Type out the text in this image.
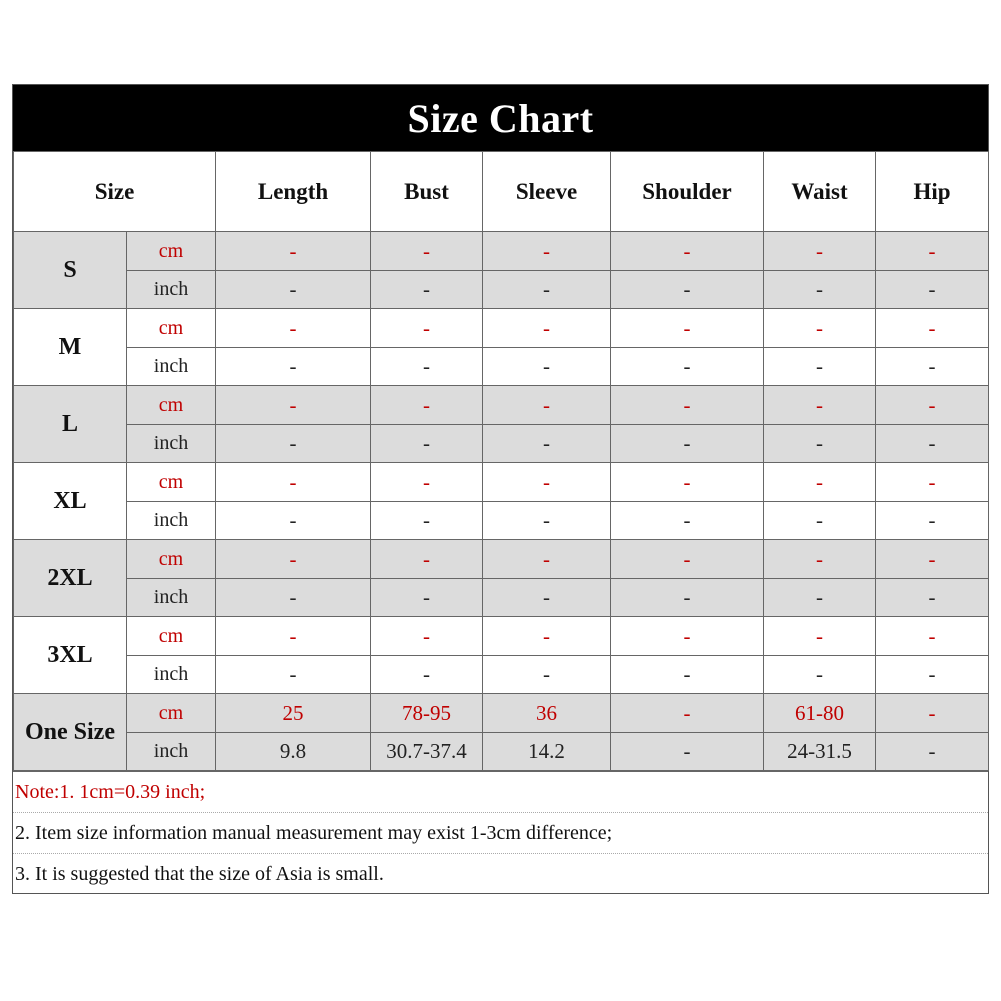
Size Chart
Size		Length	Bust	Sleeve	Shoulder	Waist	Hip
S	cm	-	-	-	-	-	-
	inch	-	-	-	-	-	-
M	cm	-	-	-	-	-	-
	inch	-	-	-	-	-	-
L	cm	-	-	-	-	-	-
	inch	-	-	-	-	-	-
XL	cm	-	-	-	-	-	-
	inch	-	-	-	-	-	-
2XL	cm	-	-	-	-	-	-
	inch	-	-	-	-	-	-
3XL	cm	-	-	-	-	-	-
	inch	-	-	-	-	-	-
One Size	cm	25	78-95	36	-	61-80	-
	inch	9.8	30.7-37.4	14.2	-	24-31.5	-
Note:1. 1cm=0.39 inch;
2. Item size information manual measurement may exist 1-3cm difference;
3. It is suggested that the size of Asia is small.
